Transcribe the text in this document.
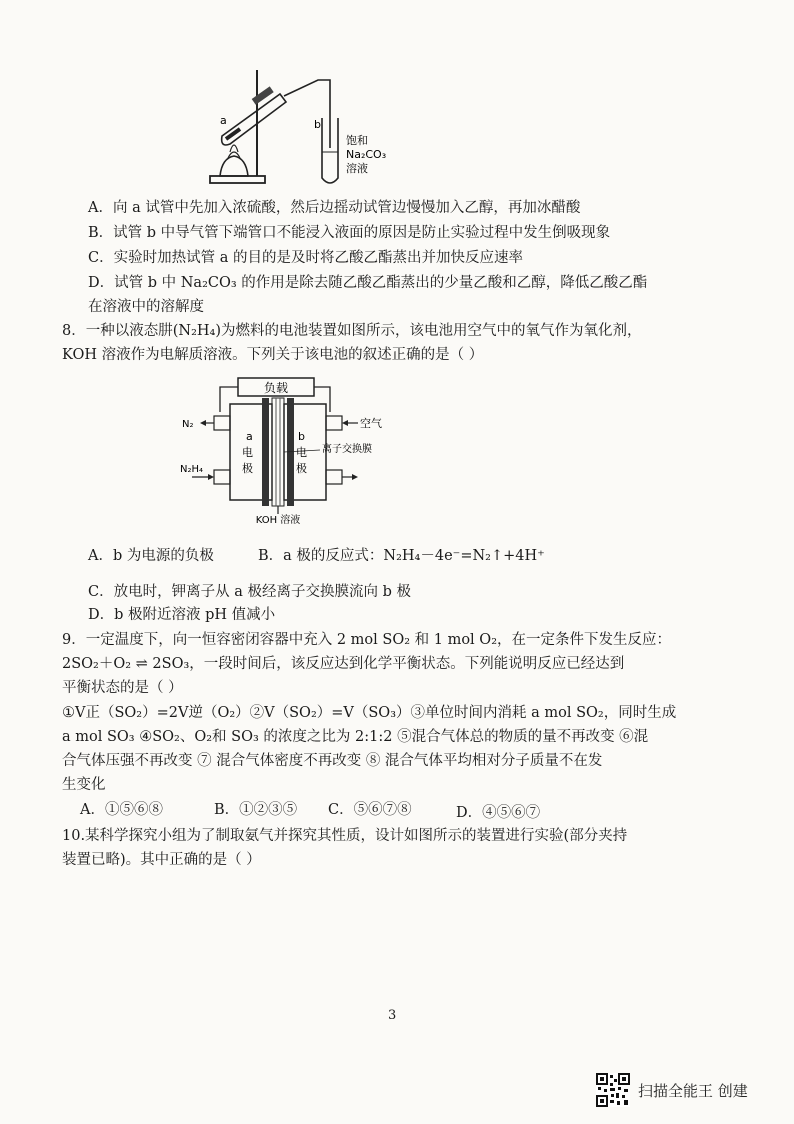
a	b
饱和
Na₂CO₃
溶液
A．向 a 试管中先加入浓硫酸，然后边摇动试管边慢慢加入乙醇，再加冰醋酸
B．试管 b 中导气管下端管口不能浸入液面的原因是防止实验过程中发生倒吸现象
C．实验时加热试管 a 的目的是及时将乙酸乙酯蒸出并加快反应速率
D．试管 b 中 Na₂CO₃ 的作用是除去随乙酸乙酯蒸出的少量乙酸和乙醇，降低乙酸乙酯
在溶液中的溶解度
8．一种以液态肼(N₂H₄)为燃料的电池装置如图所示，该电池用空气中的氧气作为氧化剂，
KOH 溶液作为电解质溶液。下列关于该电池的叙述正确的是（ ）
负载
N₂
N₂H₄
空气
离子交换膜
a
电
极
b
电
极
KOH 溶液
A．b 为电源的负极	B．a 极的反应式：N₂H₄－4e⁻=N₂↑+4H⁺
C．放电时，钾离子从 a 极经离子交换膜流向 b 极
D．b 极附近溶液 pH 值减小
9．一定温度下，向一恒容密闭容器中充入 2 mol SO₂ 和 1 mol O₂，在一定条件下发生反应：
2SO₂＋O₂ ⇌ 2SO₃，一段时间后，该反应达到化学平衡状态。下列能说明反应已经达到
平衡状态的是（ ）
①V正（SO₂）=2V逆（O₂）②V（SO₂）=V（SO₃）③单位时间内消耗 a mol SO₂，同时生成
a mol SO₃ ④SO₂、O₂和 SO₃ 的浓度之比为 2:1:2 ⑤混合气体总的物质的量不再改变 ⑥混
合气体压强不再改变 ⑦ 混合气体密度不再改变 ⑧ 混合气体平均相对分子质量不在发
生变化
A．①⑤⑥⑧	B．①②③⑤ C．⑤⑥⑦⑧	D．④⑤⑥⑦
10.某科学探究小组为了制取氨气并探究其性质，设计如图所示的装置进行实验(部分夹持
装置已略)。其中正确的是（ ）
3
扫描全能王 创建
